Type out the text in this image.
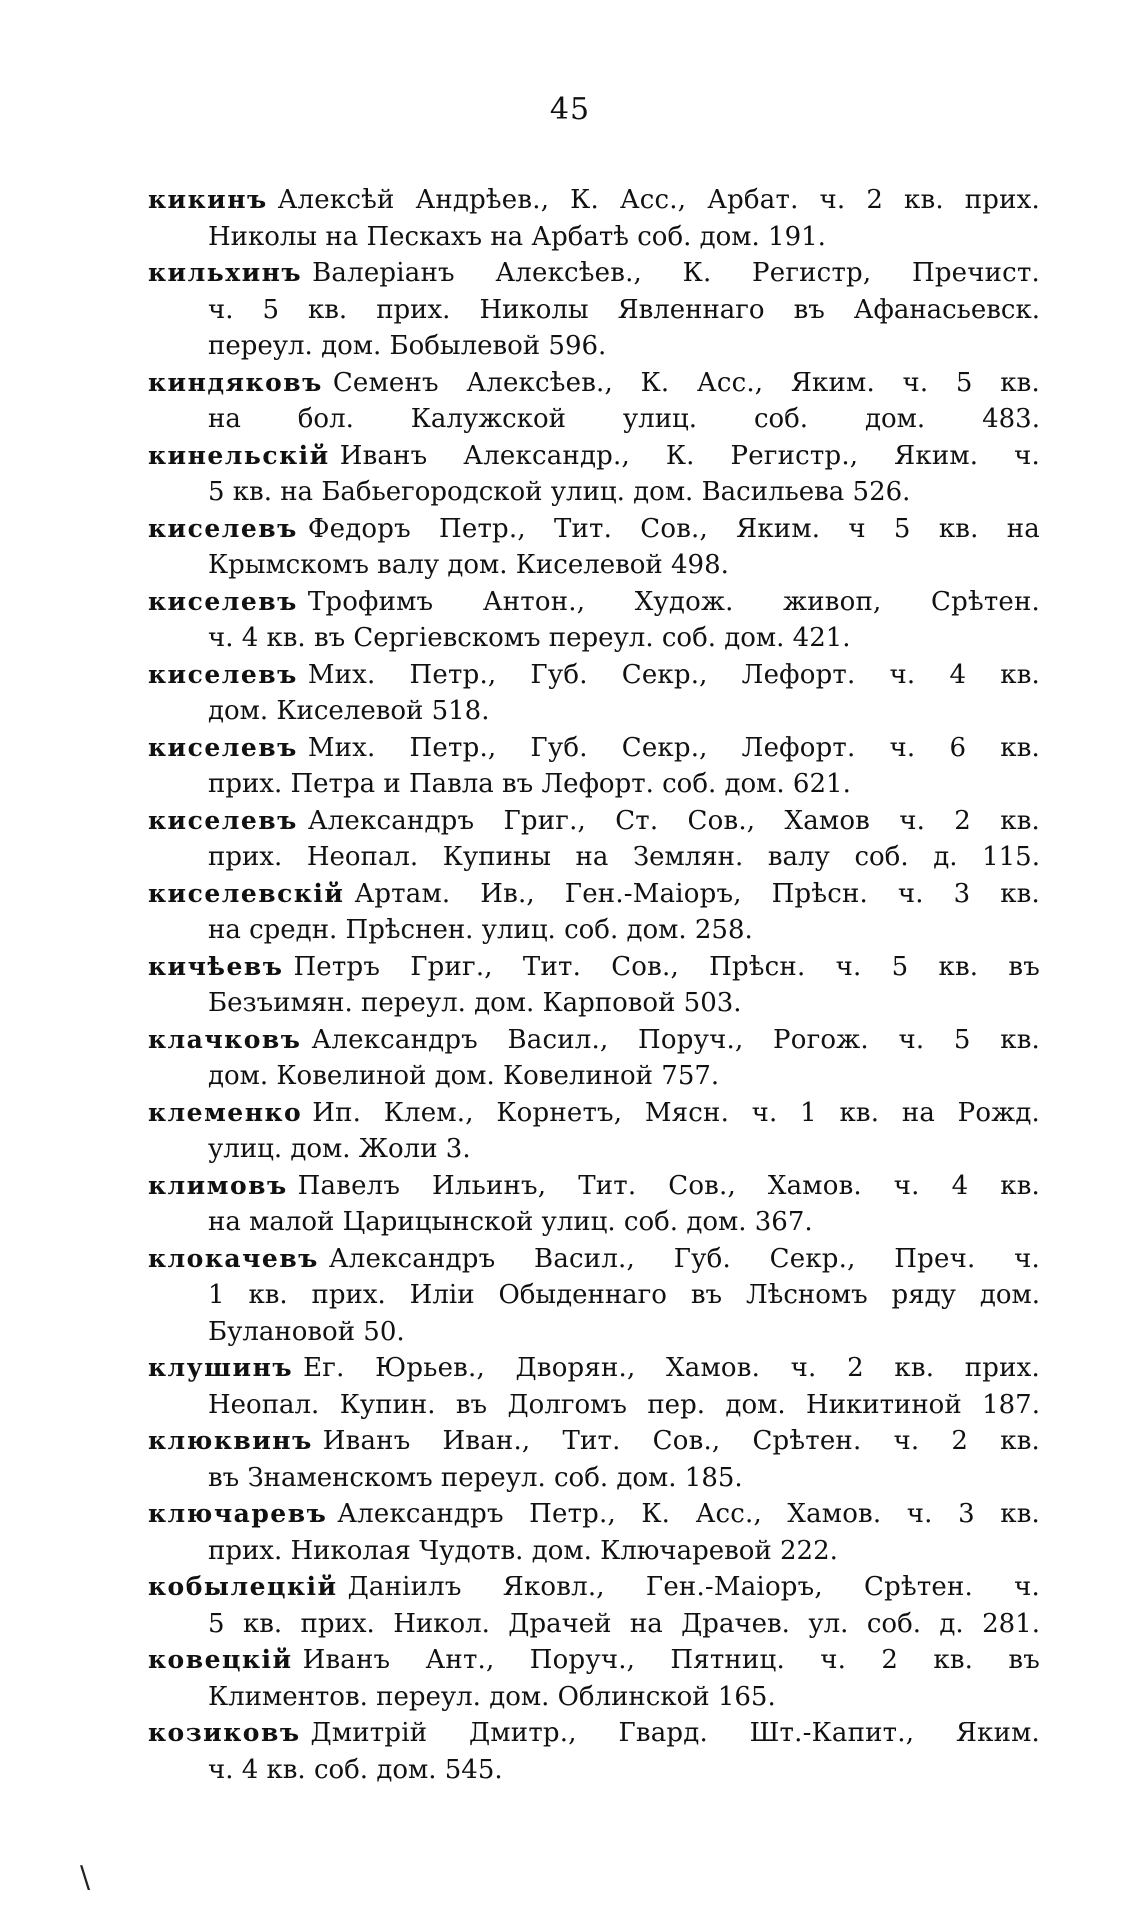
45
кикинъ Алексѣй Андрѣев., К. Асс., Арбат. ч. 2 кв. прих.
Николы на Пескахъ на Арбатѣ соб. дом. 191.
кильхинъ Валеріанъ Алексѣев., К. Регистр, Пречист.
ч. 5 кв. прих. Николы Явленнаго въ Афанасьевск.
переул. дом. Бобылевой 596.
киндяковъ Семенъ Алексѣев., К. Асс., Яким. ч. 5 кв.
на бол. Калужской улиц. соб. дом. 483.
кинельскій Иванъ Александр., К. Регистр., Яким. ч.
5 кв. на Бабьегородской улиц. дом. Васильева 526.
киселевъ Федоръ Петр., Тит. Сов., Яким. ч 5 кв. на
Крымскомъ валу дом. Киселевой 498.
киселевъ Трофимъ Антон., Худож. живоп, Срѣтен.
ч. 4 кв. въ Сергіевскомъ переул. соб. дом. 421.
киселевъ Мих. Петр., Губ. Секр., Лефорт. ч. 4 кв.
дом. Киселевой 518.
киселевъ Мих. Петр., Губ. Секр., Лефорт. ч. 6 кв.
прих. Петра и Павла въ Лефорт. соб. дом. 621.
киселевъ Александръ Григ., Ст. Сов., Хамов ч. 2 кв.
прих. Неопал. Купины на Землян. валу соб. д. 115.
киселевскій Артам. Ив., Ген.-Маіоръ, Прѣсн. ч. 3 кв.
на средн. Прѣснен. улиц. соб. дом. 258.
кичѣевъ Петръ Григ., Тит. Сов., Прѣсн. ч. 5 кв. въ
Безъимян. переул. дом. Карповой 503.
клачковъ Александръ Васил., Поруч., Рогож. ч. 5 кв.
дом. Ковелиной дом. Ковелиной 757.
клеменко Ип. Клем., Корнетъ, Мясн. ч. 1 кв. на Рожд.
улиц. дом. Жоли 3.
климовъ Павелъ Ильинъ, Тит. Сов., Хамов. ч. 4 кв.
на малой Царицынской улиц. соб. дом. 367.
клокачевъ Александръ Васил., Губ. Секр., Преч. ч.
1 кв. прих. Иліи Обыденнаго въ Лѣсномъ ряду дом.
Булановой 50.
клушинъ Ег. Юрьев., Дворян., Хамов. ч. 2 кв. прих.
Неопал. Купин. въ Долгомъ пер. дом. Никитиной 187.
клюквинъ Иванъ Иван., Тит. Сов., Срѣтен. ч. 2 кв.
въ Знаменскомъ переул. соб. дом. 185.
ключаревъ Александръ Петр., К. Асс., Хамов. ч. 3 кв.
прих. Николая Чудотв. дом. Ключаревой 222.
кобылецкій Даніилъ Яковл., Ген.-Маіоръ, Срѣтен. ч.
5 кв. прих. Никол. Драчей на Драчев. ул. соб. д. 281.
ковецкій Иванъ Ант., Поруч., Пятниц. ч. 2 кв. въ
Климентов. переул. дом. Облинской 165.
козиковъ Дмитрій Дмитр., Гвард. Шт.-Капит., Яким.
ч. 4 кв. соб. дом. 545.
\
